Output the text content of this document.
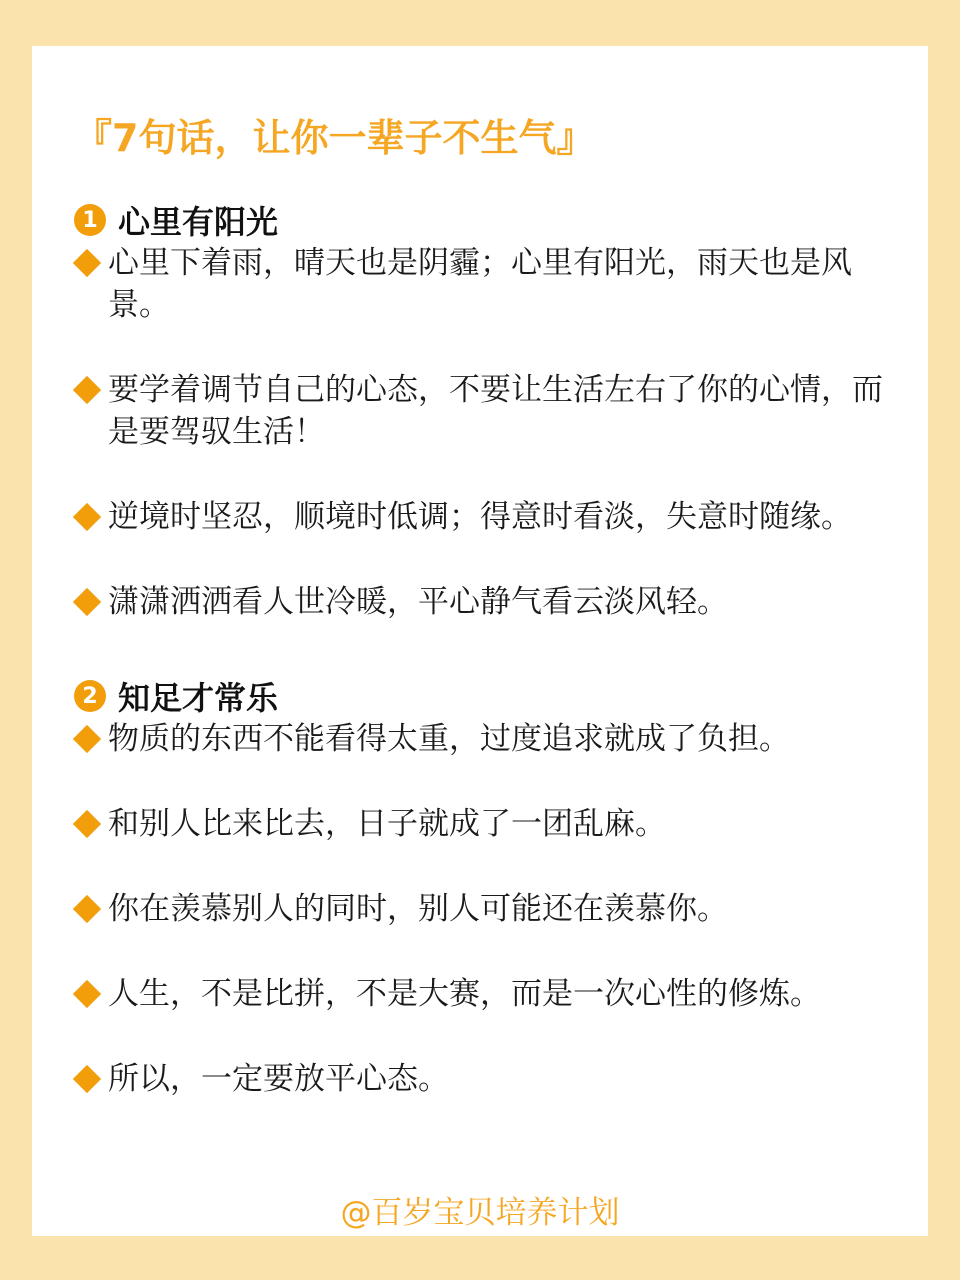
『7句话，让你一辈子不生气』
1 心里有阳光
心里下着雨，晴天也是阴霾；心里有阳光，雨天也是风景。
要学着调节自己的心态，不要让生活左右了你的心情，而是要驾驭生活！
逆境时坚忍，顺境时低调；得意时看淡，失意时随缘。
潇潇洒洒看人世冷暖，平心静气看云淡风轻。
2 知足才常乐
物质的东西不能看得太重，过度追求就成了负担。
和别人比来比去，日子就成了一团乱麻。
你在羡慕别人的同时，别人可能还在羡慕你。
人生，不是比拼，不是大赛，而是一次心性的修炼。
所以，一定要放平心态。
@百岁宝贝培养计划
